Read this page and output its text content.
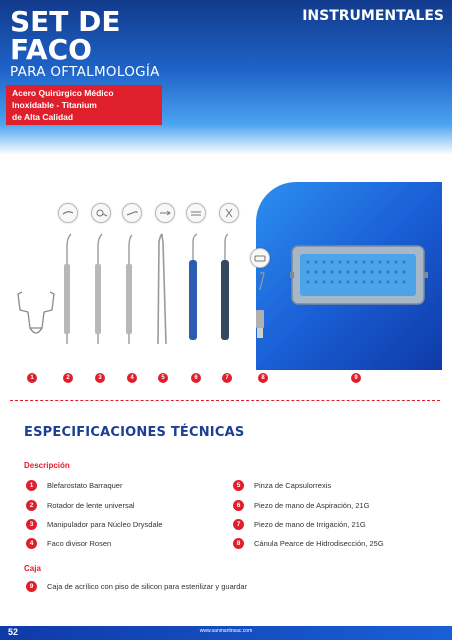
SET DE
FACO
PARA OFTALMOLOGÍA
INSTRUMENTALES
Acero Quirúrgico Médico
Inoxidable - Titanium
de Alta Calidad
1	2	3	4	5	6	7	8	9
ESPECIFICACIONES TÉCNICAS
Descripción
1	Blefarostato Barraquer
2	Rotador de lente universal
3	Manipulador para Núcleo Drysdale
4	Faco divisor Rosen
5	Pinza de Capsulorrexis
6	Piezo de mano de Aspiración, 21G
7	Piezo de mano de Irrigación, 21G
8	Cánula Pearce de Hidrodisección, 25G
Caja
9	Caja de acrílico con piso de silicon para esterilizar y guardar
52	www.sanmartinsac.com
